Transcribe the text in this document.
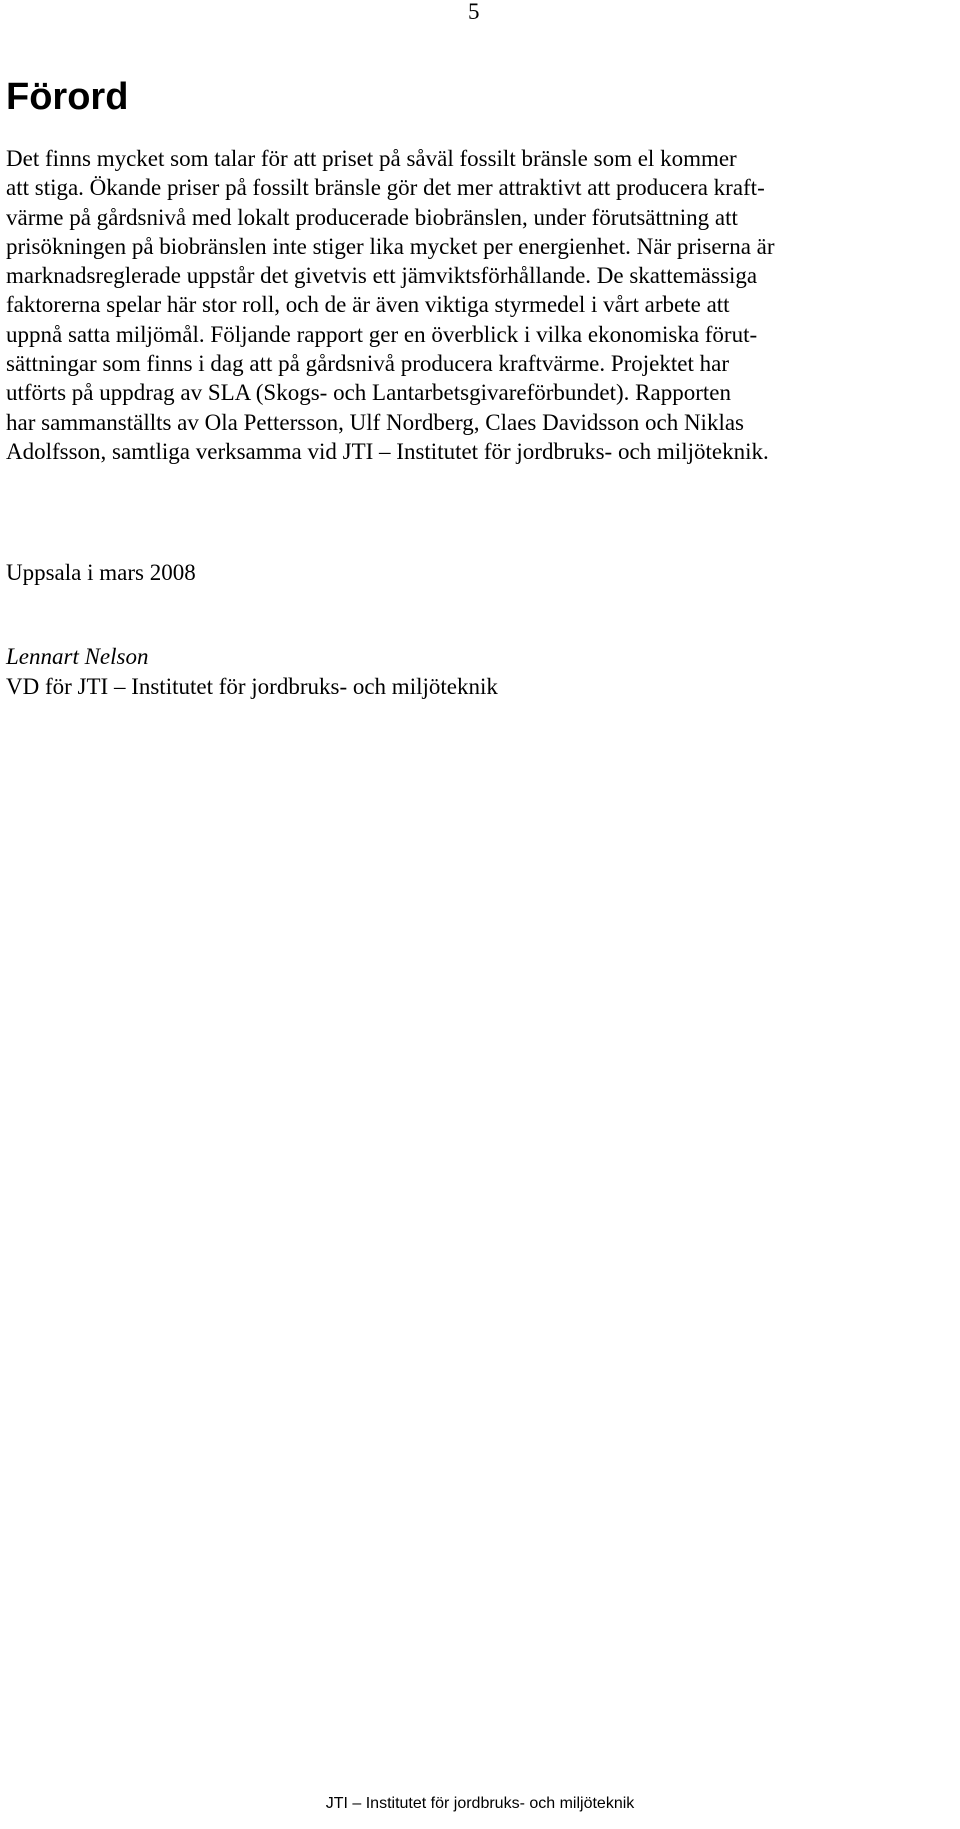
5
Förord
Det finns mycket som talar för att priset på såväl fossilt bränsle som el kommer
att stiga. Ökande priser på fossilt bränsle gör det mer attraktivt att producera kraft-
värme på gårdsnivå med lokalt producerade biobränslen, under förutsättning att
prisökningen på biobränslen inte stiger lika mycket per energienhet. När priserna är
marknadsreglerade uppstår det givetvis ett jämviktsförhållande. De skattemässiga
faktorerna spelar här stor roll, och de är även viktiga styrmedel i vårt arbete att
uppnå satta miljömål. Följande rapport ger en överblick i vilka ekonomiska förut-
sättningar som finns i dag att på gårdsnivå producera kraftvärme. Projektet har
utförts på uppdrag av SLA (Skogs- och Lantarbetsgivareförbundet). Rapporten
har sammanställts av Ola Pettersson, Ulf Nordberg, Claes Davidsson och Niklas
Adolfsson, samtliga verksamma vid JTI – Institutet för jordbruks- och miljöteknik.

Uppsala i mars 2008

Lennart Nelson

VD för JTI – Institutet för jordbruks- och miljöteknik

JTI – Institutet för jordbruks- och miljöteknik
